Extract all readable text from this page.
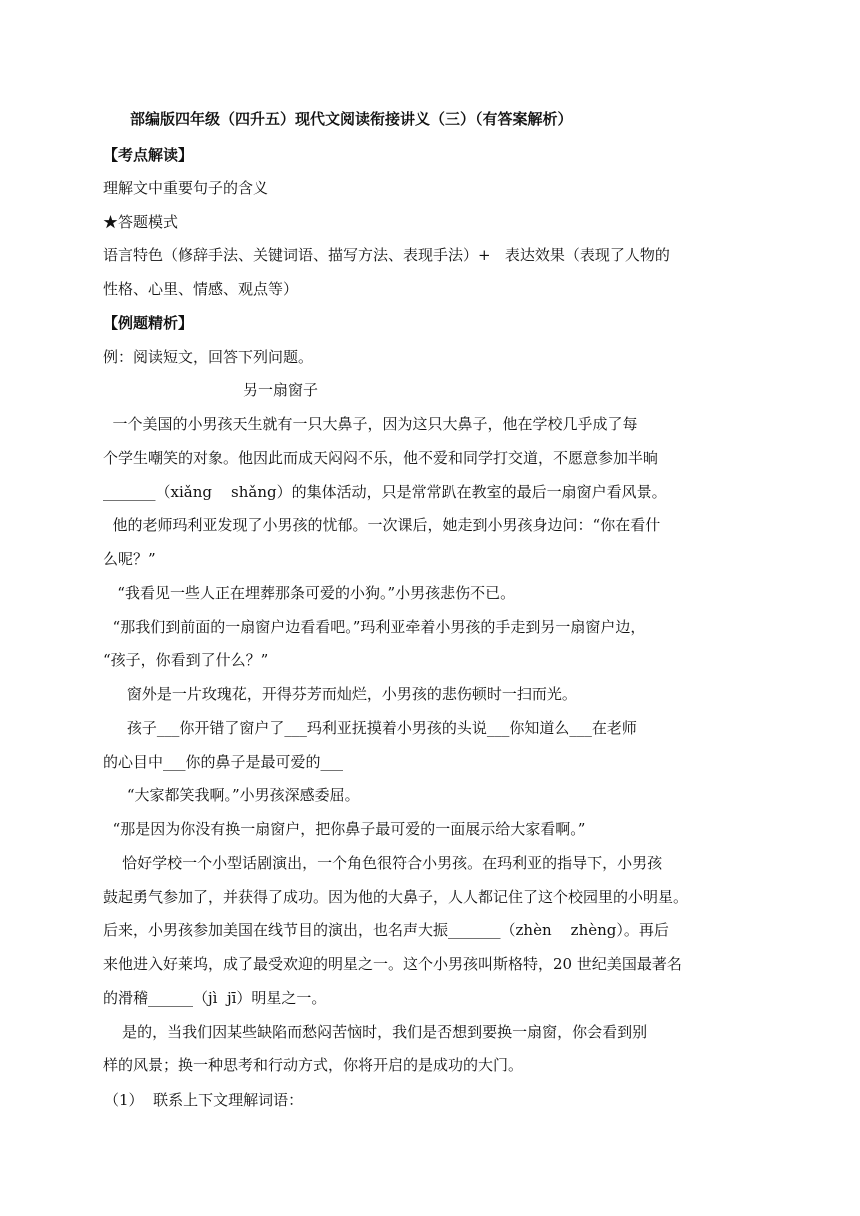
部编版四年级（四升五）现代文阅读衔接讲义（三）（有答案解析）
【考点解读】
理解文中重要句子的含义
★答题模式
语言特色（修辞手法、关键词语、描写方法、表现手法）+   表达效果（表现了人物的
性格、心里、情感、观点等）
【例题精析】
例：阅读短文，回答下列问题。
另一扇窗子
一个美国的小男孩天生就有一只大鼻子，因为这只大鼻子，他在学校几乎成了每
个学生嘲笑的对象。他因此而成天闷闷不乐，他不爱和同学打交道，不愿意参加半晌
_______（xiǎng    shǎng）的集体活动，只是常常趴在教室的最后一扇窗户看风景。
他的老师玛利亚发现了小男孩的忧郁。一次课后，她走到小男孩身边问：“你在看什
么呢？”
“我看见一些人正在埋葬那条可爱的小狗。”小男孩悲伤不已。
“那我们到前面的一扇窗户边看看吧。”玛利亚牵着小男孩的手走到另一扇窗户边，
“孩子，你看到了什么？”
窗外是一片玫瑰花，开得芬芳而灿烂，小男孩的悲伤顿时一扫而光。
孩子___你开错了窗户了___玛利亚抚摸着小男孩的头说___你知道么___在老师
的心目中___你的鼻子是最可爱的___
“大家都笑我啊。”小男孩深感委屈。
“那是因为你没有换一扇窗户，把你鼻子最可爱的一面展示给大家看啊。”
恰好学校一个小型话剧演出，一个角色很符合小男孩。在玛利亚的指导下，小男孩
鼓起勇气参加了，并获得了成功。因为他的大鼻子，人人都记住了这个校园里的小明星。
后来，小男孩参加美国在线节目的演出，也名声大振_______（zhèn    zhèng）。再后
来他进入好莱坞，成了最受欢迎的明星之一。这个小男孩叫斯格特，20 世纪美国最著名
的滑稽______（jì  jī）明星之一。
是的，当我们因某些缺陷而愁闷苦恼时，我们是否想到要换一扇窗，你会看到别
样的风景；换一种思考和行动方式，你将开启的是成功的大门。
（1）  联系上下文理解词语：
